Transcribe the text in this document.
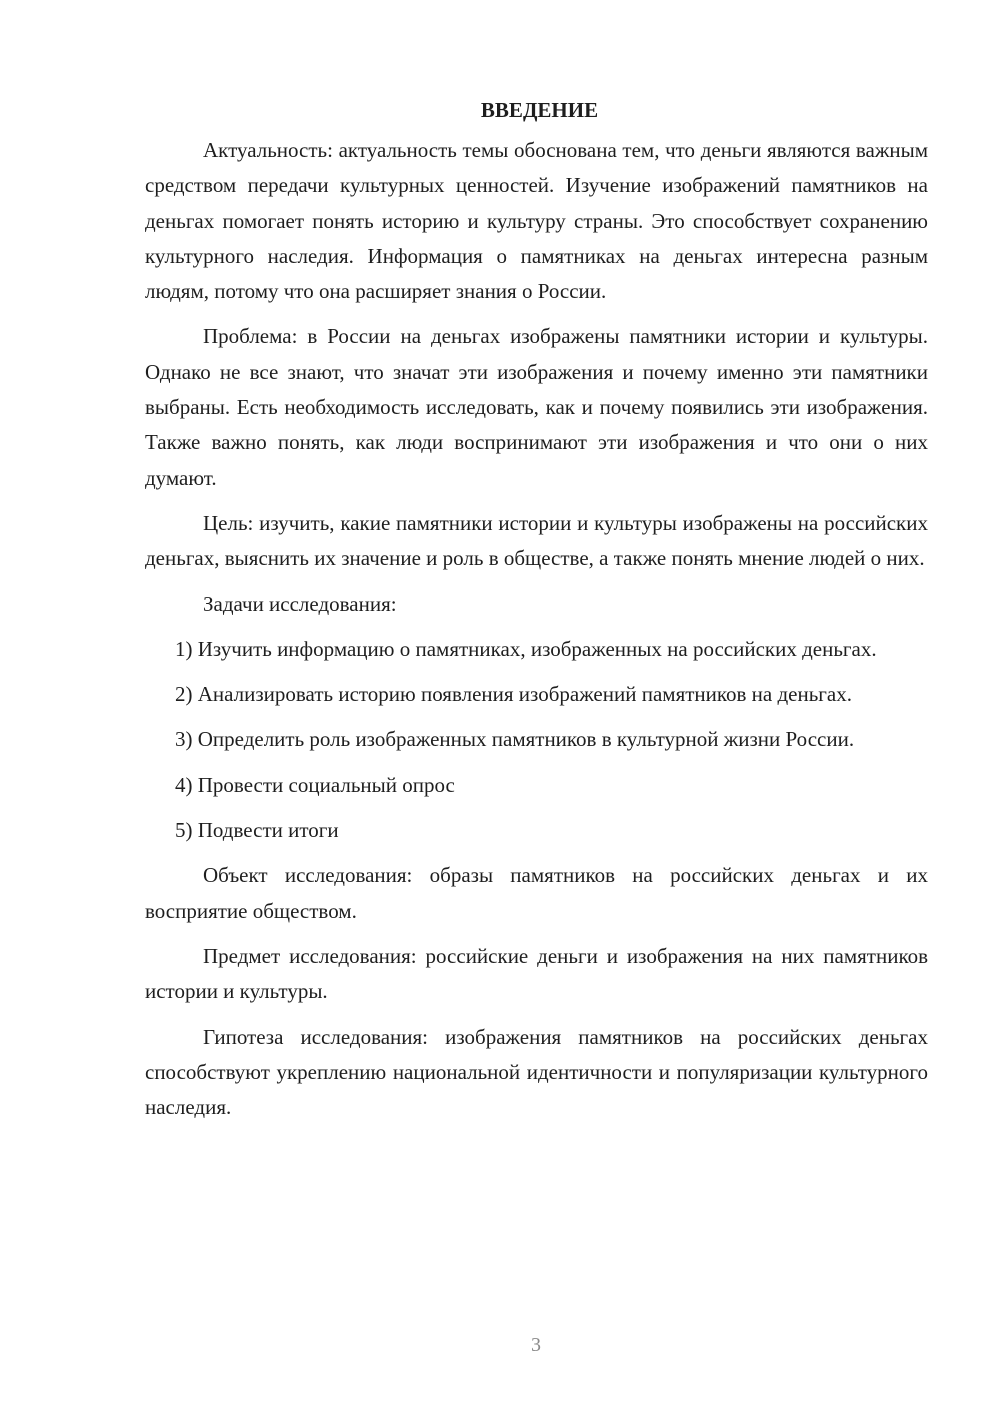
ВВЕДЕНИЕ

Актуальность: актуальность темы обоснована тем, что деньги являются важным средством передачи культурных ценностей. Изучение изображений памятников на деньгах помогает понять историю и культуру страны. Это способствует сохранению культурного наследия. Информация о памятниках на деньгах интересна разным людям, потому что она расширяет знания о России.

Проблема: в России на деньгах изображены памятники истории и культуры. Однако не все знают, что значат эти изображения и почему именно эти памятники выбраны. Есть необходимость исследовать, как и почему появились эти изображения. Также важно понять, как люди воспринимают эти изображения и что они о них думают.

Цель: изучить, какие памятники истории и культуры изображены на российских деньгах, выяснить их значение и роль в обществе, а также понять мнение людей о них.

Задачи исследования:

1) Изучить информацию о памятниках, изображенных на российских деньгах.

2) Анализировать историю появления изображений памятников на деньгах.

3) Определить роль изображенных памятников в культурной жизни России.

4) Провести социальный опрос

5) Подвести итоги

Объект исследования: образы памятников на российских деньгах и их восприятие обществом.

Предмет исследования: российские деньги и изображения на них памятников истории и культуры.

Гипотеза исследования: изображения памятников на российских деньгах способствуют укреплению национальной идентичности и популяризации культурного наследия.

3
